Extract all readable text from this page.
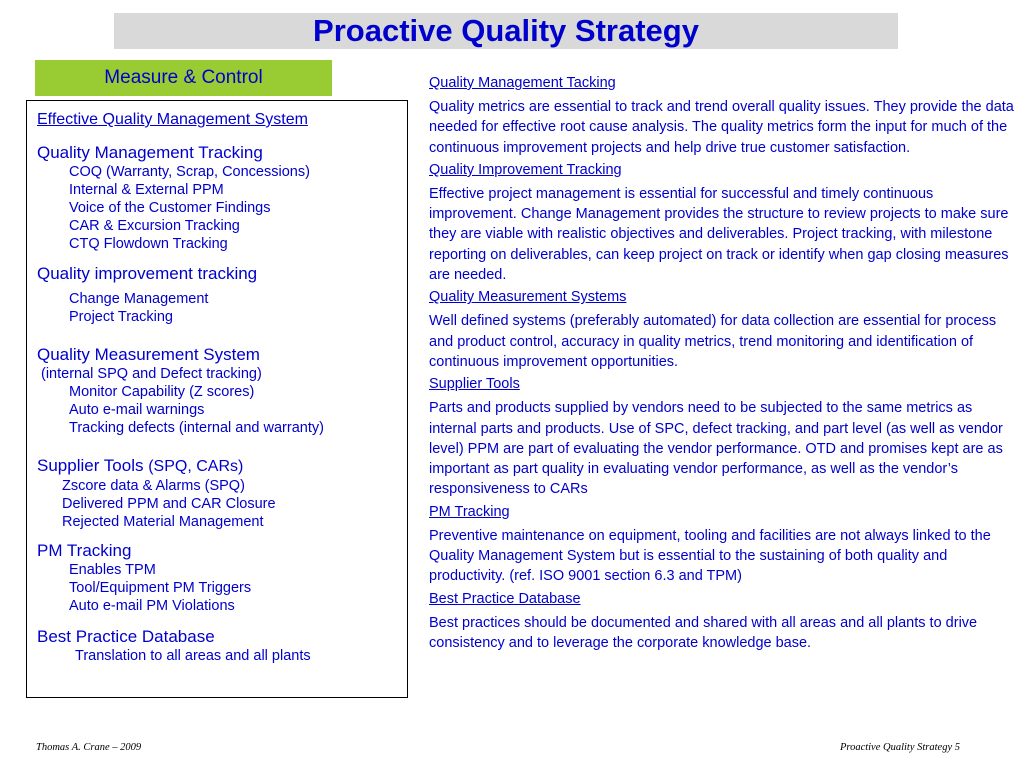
Proactive Quality Strategy
Measure & Control
Effective Quality Management System

Quality Management Tracking

COQ (Warranty, Scrap, Concessions)

Internal & External PPM

Voice of the Customer Findings

CAR & Excursion Tracking

CTQ Flowdown Tracking

Quality improvement tracking

Change Management

Project Tracking

Quality Measurement System

(internal SPQ and Defect tracking)

Monitor Capability (Z scores)

Auto e-mail warnings

Tracking defects (internal and warranty)

Supplier Tools (SPQ, CARs)

Zscore data & Alarms (SPQ)

Delivered PPM and CAR Closure

Rejected Material Management

PM Tracking

Enables TPM

Tool/Equipment PM Triggers

Auto e-mail PM Violations

Best Practice Database

Translation to all areas and all plants

Quality Management Tacking

Quality metrics are essential to track and trend overall quality issues. They provide the data needed for effective root cause analysis. The quality metrics form the input for much of the continuous improvement projects and help drive true customer satisfaction.

Quality Improvement Tracking

Effective project management is essential for successful and timely continuous improvement. Change Management provides the structure to review projects to make sure they are viable with realistic objectives and deliverables. Project tracking, with milestone reporting on deliverables, can keep project on track or identify when gap closing measures are needed.

Quality Measurement Systems

Well defined systems (preferably automated) for data collection are essential for process and product control, accuracy in quality metrics, trend monitoring and identification of continuous improvement opportunities.

Supplier Tools

Parts and products supplied by vendors need to be subjected to the same metrics as internal parts and products. Use of SPC, defect tracking, and part level (as well as vendor level) PPM are part of evaluating the vendor performance. OTD and promises kept are as important as part quality in evaluating vendor performance, as well as the vendor’s responsiveness to CARs

PM Tracking

Preventive maintenance on equipment, tooling and facilities are not always linked to the Quality Management System but is essential to the sustaining of both quality and productivity. (ref. ISO 9001 section 6.3 and TPM)

Best Practice Database

Best practices should be documented and shared with all areas and all plants to drive consistency and to leverage the corporate knowledge base.

Thomas A. Crane – 2009	Proactive Quality Strategy 5
